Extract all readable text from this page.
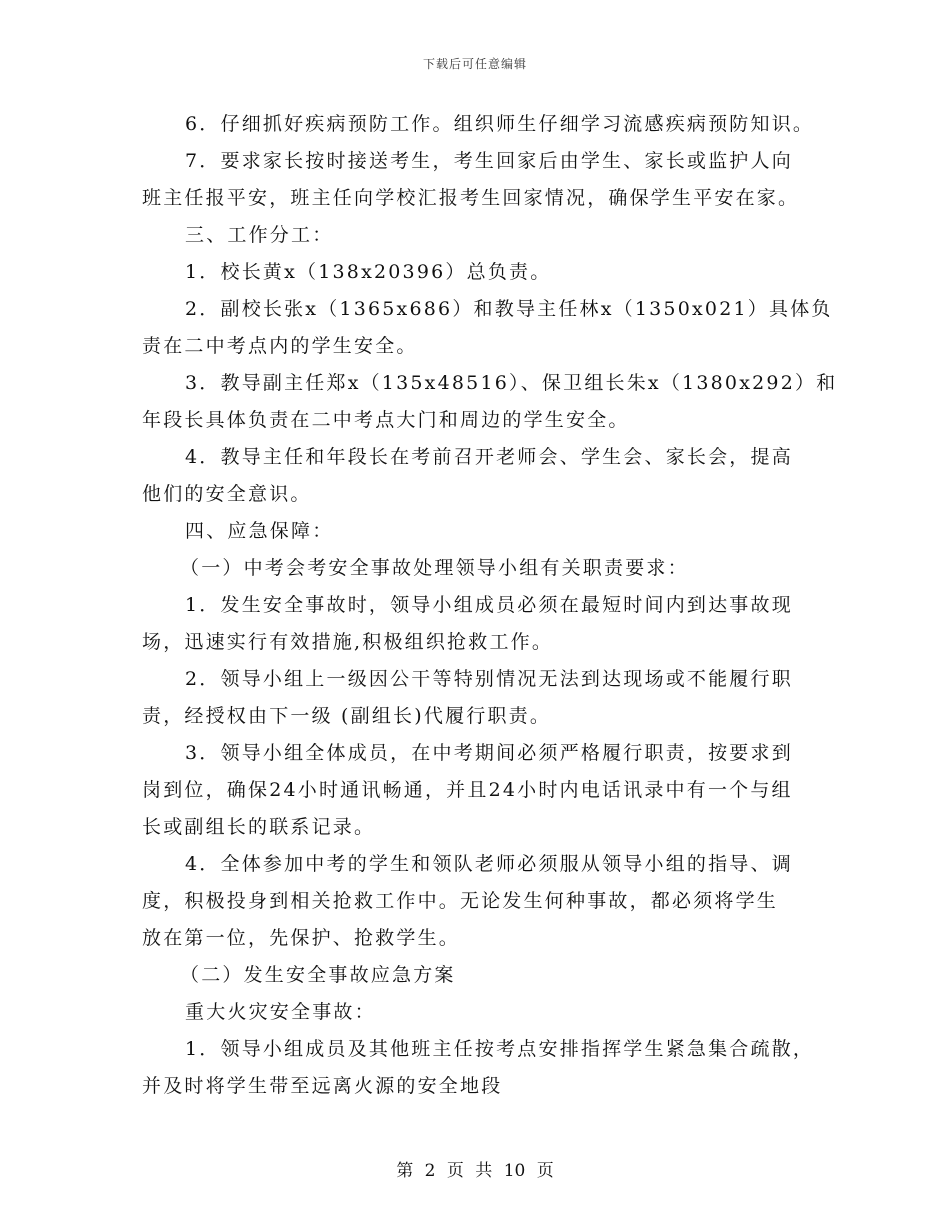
下载后可任意编辑
6．仔细抓好疾病预防工作。组织师生仔细学习流感疾病预防知识。
7．要求家长按时接送考生，考生回家后由学生、家长或监护人向
班主任报平安，班主任向学校汇报考生回家情况，确保学生平安在家。
三、工作分工：
1．校长黄x（138x20396）总负责。
2．副校长张x（1365x686）和教导主任林x（1350x021）具体负
责在二中考点内的学生安全。
3．教导副主任郑x（135x48516）、保卫组长朱x（1380x292）和
年段长具体负责在二中考点大门和周边的学生安全。
4．教导主任和年段长在考前召开老师会、学生会、家长会，提高
他们的安全意识。
四、应急保障：
（一）中考会考安全事故处理领导小组有关职责要求：
1．发生安全事故时，领导小组成员必须在最短时间内到达事故现
场，迅速实行有效措施,积极组织抢救工作。
2．领导小组上一级因公干等特别情况无法到达现场或不能履行职
责，经授权由下一级 (副组长)代履行职责。
3．领导小组全体成员，在中考期间必须严格履行职责，按要求到
岗到位，确保24小时通讯畅通，并且24小时内电话讯录中有一个与组
长或副组长的联系记录。
4．全体参加中考的学生和领队老师必须服从领导小组的指导、调
度，积极投身到相关抢救工作中。无论发生何种事故，都必须将学生
放在第一位，先保护、抢救学生。
（二）发生安全事故应急方案
重大火灾安全事故：
1．领导小组成员及其他班主任按考点安排指挥学生紧急集合疏散，
并及时将学生带至远离火源的安全地段
第 2 页 共 10 页
